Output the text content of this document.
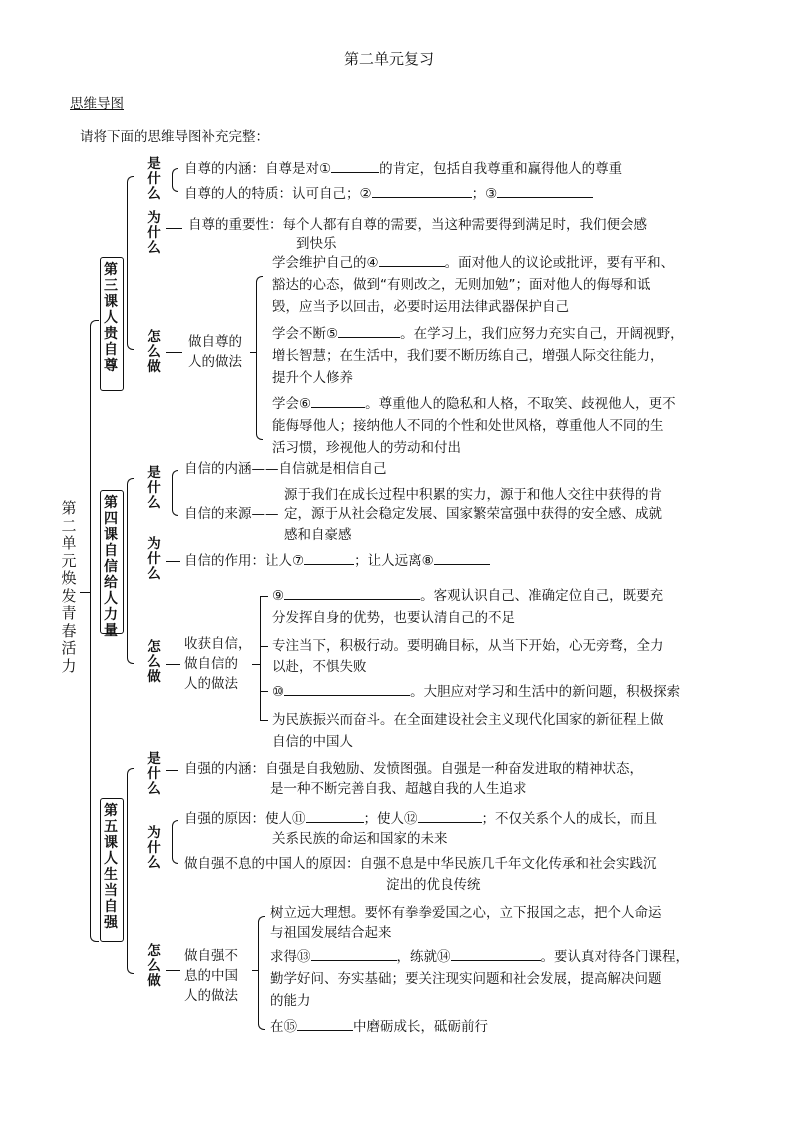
第二单元复习
思维导图
请将下面的思维导图补充完整：
第二单元 焕发青春活力
第三课 人贵自尊
是什么
自尊的内涵：自尊是对①	的肯定，包括自我尊重和赢得他人的尊重
自尊的人的特质：认可自己；②	；③
为什么
自尊的重要性：每个人都有自尊的需要，当这种需要得到满足时，我们便会感
到快乐
怎么做
做自尊的
人的做法
学会维护自己的④	。面对他人的议论或批评，要有平和、
豁达的心态，做到“有则改之，无则加勉”；面对他人的侮辱和诋
毁，应当予以回击，必要时运用法律武器保护自己
学会不断⑤	。在学习上，我们应努力充实自己，开阔视野，
增长智慧；在生活中，我们要不断历练自己，增强人际交往能力，
提升个人修养
学会⑥	。尊重他人的隐私和人格，不取笑、歧视他人，更不
能侮辱他人；接纳他人不同的个性和处世风格，尊重他人不同的生
活习惯，珍视他人的劳动和付出
第四课 自信给人力量
是什么
自信的内涵——自信就是相信自己
自信的来源——
源于我们在成长过程中积累的实力，源于和他人交往中获得的肯
定，源于从社会稳定发展、国家繁荣富强中获得的安全感、成就
感和自豪感
为什么
自信的作用：让人⑦	；让人远离⑧
怎么做
收获自信，
做自信的
人的做法
⑨	。客观认识自己、准确定位自己，既要充
分发挥自身的优势，也要认清自己的不足
专注当下，积极行动。要明确目标，从当下开始，心无旁骛，全力
以赴，不惧失败
⑩	。大胆应对学习和生活中的新问题，积极探索
为民族振兴而奋斗。在全面建设社会主义现代化国家的新征程上做
自信的中国人
第五课 人生当自强
是什么
自强的内涵：自强是自我勉励、发愤图强。自强是一种奋发进取的精神状态，
是一种不断完善自我、超越自我的人生追求
为什么
自强的原因：使人⑪	；使人⑫	；不仅关系个人的成长，而且
关系民族的命运和国家的未来
做自强不息的中国人的原因：自强不息是中华民族几千年文化传承和社会实践沉
淀出的优良传统
怎么做
做自强不
息的中国
人的做法
树立远大理想。要怀有拳拳爱国之心，立下报国之志，把个人命运
与祖国发展结合起来
求得⑬	，练就⑭	。要认真对待各门课程，
勤学好问、夯实基础；要关注现实问题和社会发展，提高解决问题
的能力
在⑮	中磨砺成长，砥砺前行
